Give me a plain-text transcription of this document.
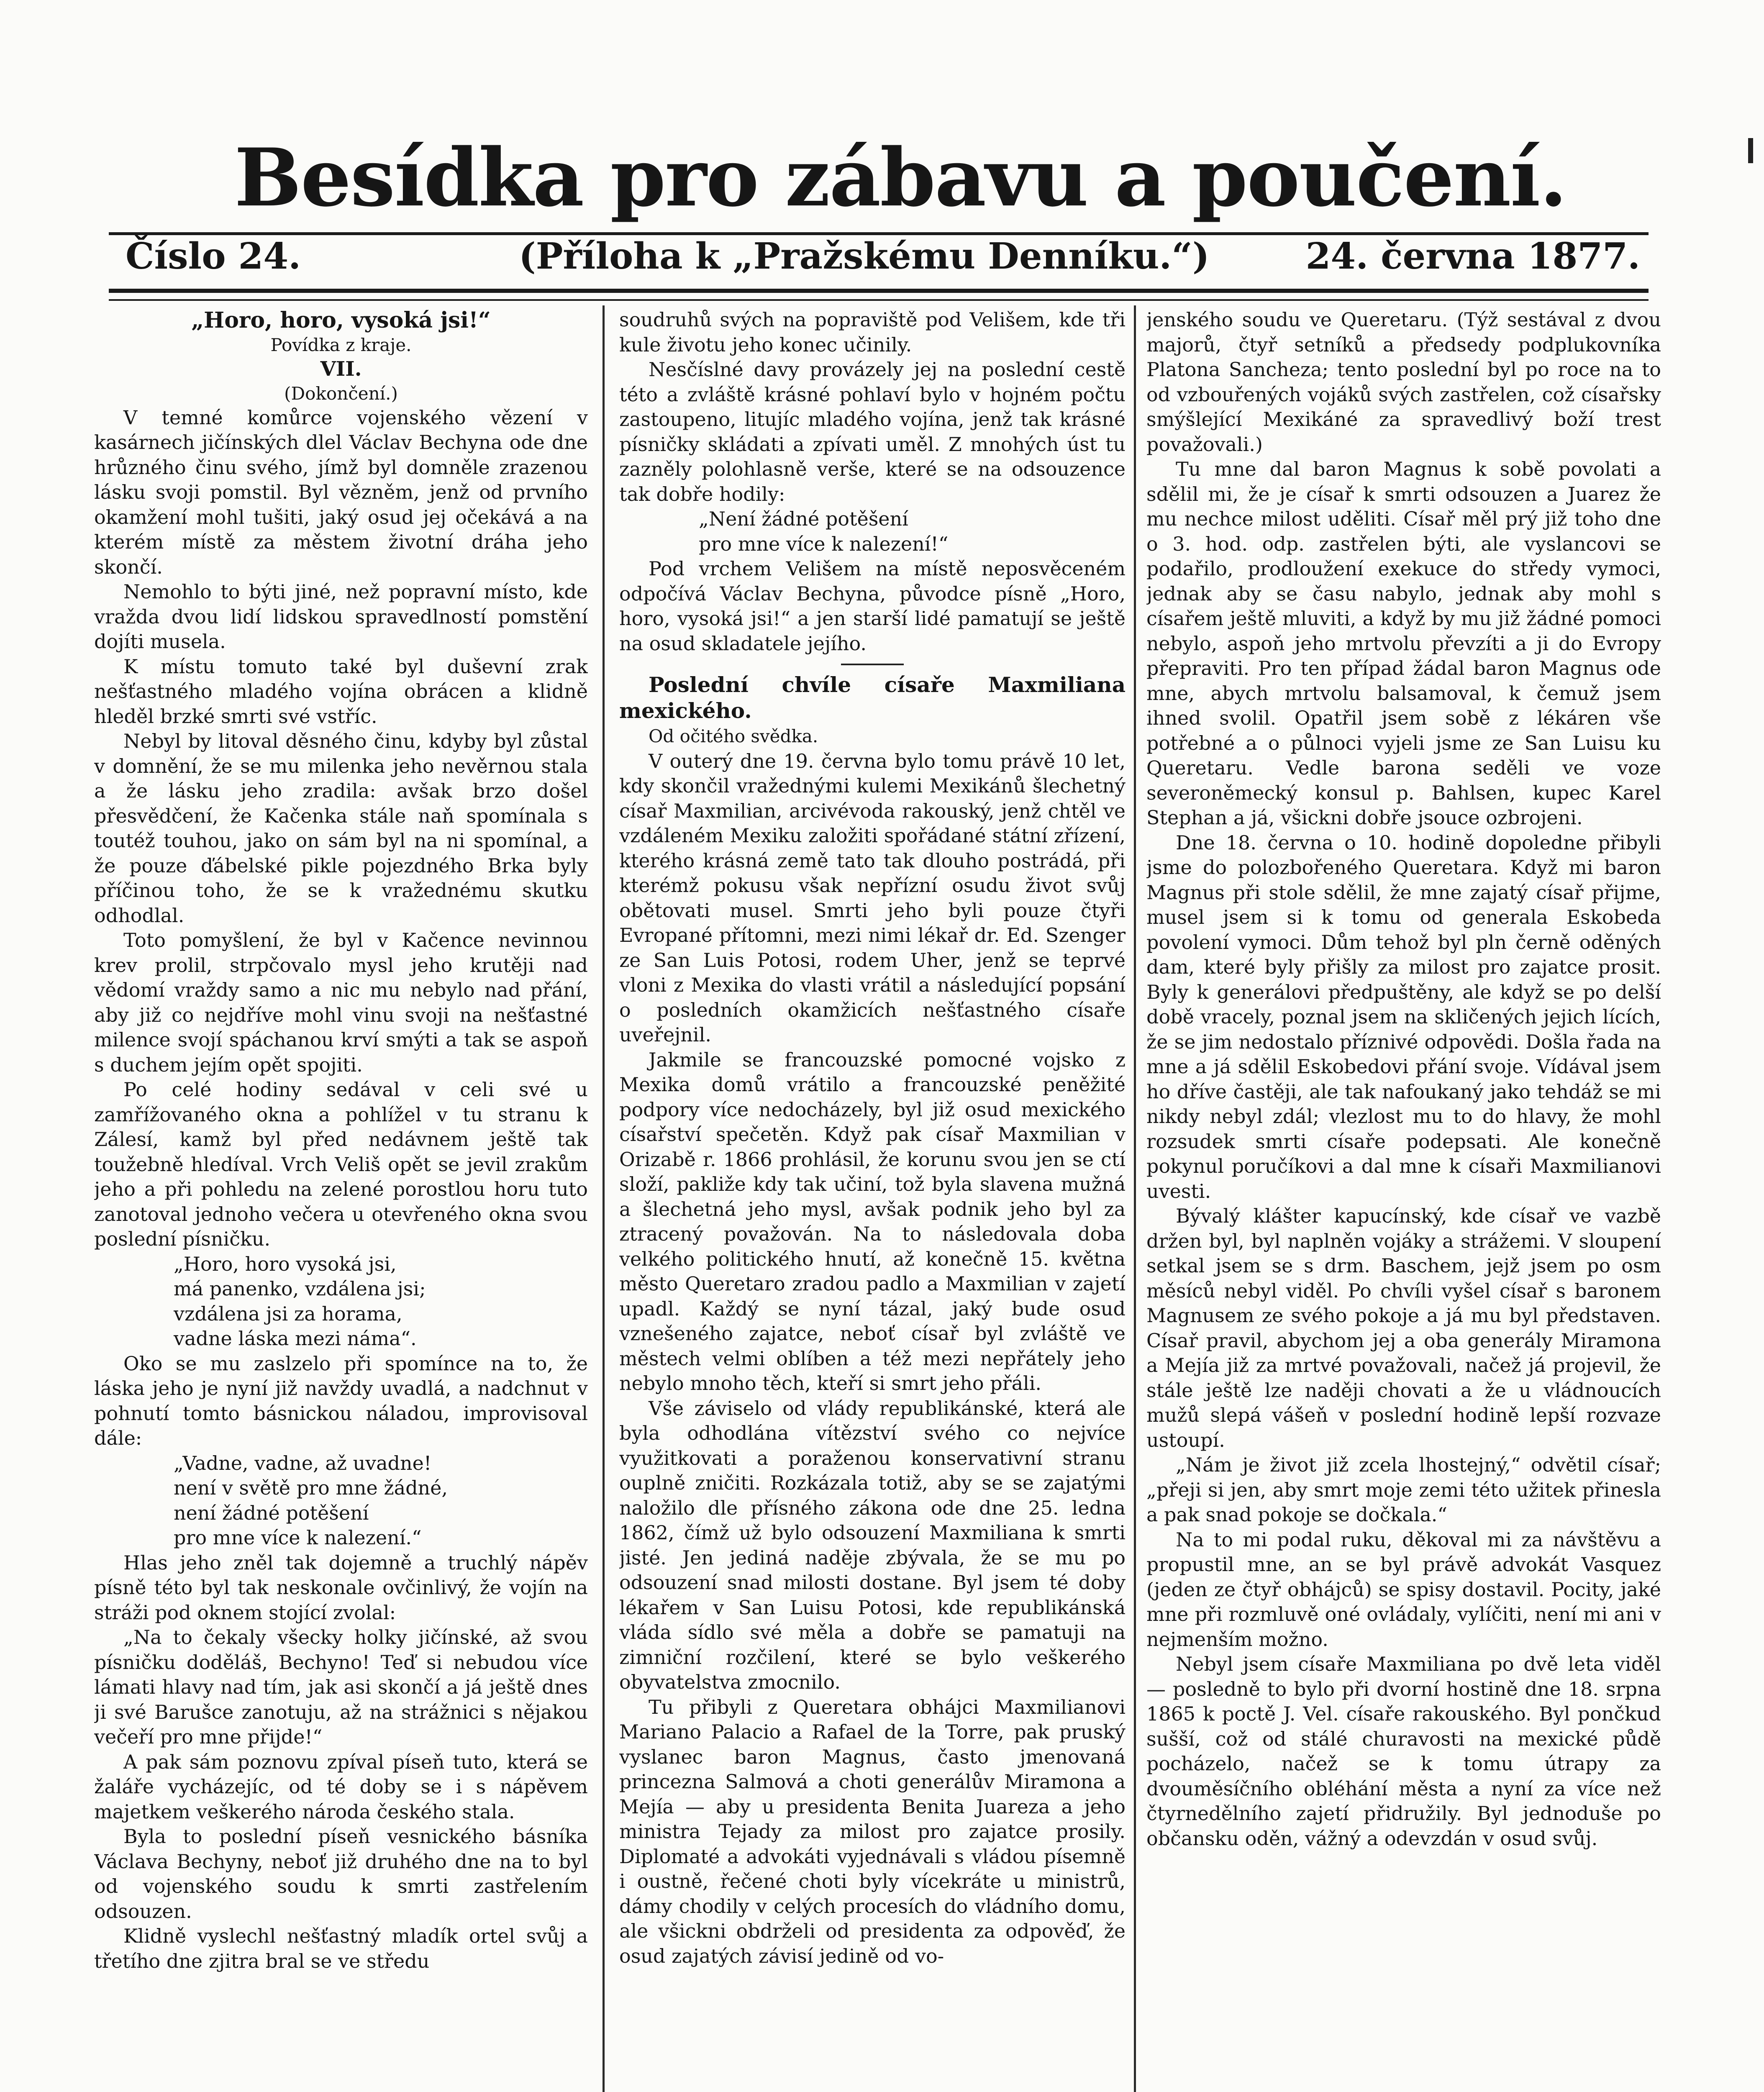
Besídka pro zábavu a poučení.
Číslo 24.	(Příloha k „Pražskému Denníku.“)	24. června 1877.

„Horo, horo, vysoká jsi!“

Povídka z kraje.

VII.

(Dokončení.)

V temné komůrce vojenského vězení v kasárnech jičínských dlel Václav Bechyna ode dne hrůzného činu svého, jímž byl domněle zrazenou lásku svoji pomstil. Byl vězněm, jenž od prvního okamžení mohl tušiti, jaký osud jej očekává a na kterém místě za městem životní dráha jeho skončí.

Nemohlo to býti jiné, než popravní místo, kde vražda dvou lidí lidskou spravedlností pomstění dojíti musela.

K místu tomuto také byl duševní zrak nešťastného mladého vojína obrácen a klidně hleděl brzké smrti své vstříc.

Nebyl by litoval děsného činu, kdyby byl zůstal v domnění, že se mu milenka jeho nevěrnou stala a že lásku jeho zradila: avšak brzo došel přesvědčení, že Kačenka stále naň spomínala s toutéž touhou, jako on sám byl na ni spomínal, a že pouze ďábelské pikle pojezdného Brka byly příčinou toho, že se k vražednému skutku odhodlal.

Toto pomyšlení, že byl v Kačence nevinnou krev prolil, strpčovalo mysl jeho krutěji nad vědomí vraždy samo a nic mu nebylo nad přání, aby již co nejdříve mohl vinu svoji na nešťastné milence svojí spáchanou krví smýti a tak se aspoň s duchem jejím opět spojiti.

Po celé hodiny sedával v celi své u zamřížovaného okna a pohlížel v tu stranu k Zálesí, kamž byl před nedávnem ještě tak toužebně hledíval. Vrch Veliš opět se jevil zrakům jeho a při pohledu na zelené porostlou horu tuto zanotoval jednoho večera u otevřeného okna svou poslední písničku.

„Horo, horo vysoká jsi,
má panenko, vzdálena jsi;
vzdálena jsi za horama,
vadne láska mezi náma“.

Oko se mu zaslzelo při spomínce na to, že láska jeho je nyní již navždy uvadlá, a nadchnut v pohnutí tomto básnickou náladou, improvisoval dále:

„Vadne, vadne, až uvadne!
není v světě pro mne žádné,
není žádné potěšení
pro mne více k nalezení.“

Hlas jeho zněl tak dojemně a truchlý nápěv písně této byl tak neskonale ovčinlivý, že vojín na stráži pod oknem stojící zvolal:

„Na to čekaly všecky holky jičínské, až svou písničku doděláš, Bechyno! Teď si nebudou více lámati hlavy nad tím, jak asi skončí a já ještě dnes ji své Barušce zanotuju, až na strážnici s nějakou večeří pro mne přijde!“

A pak sám poznovu zpíval píseň tuto, která se žaláře vycházejíc, od té doby se i s nápěvem majetkem veškerého národa českého stala.

Byla to poslední píseň vesnického básníka Václava Bechyny, neboť již druhého dne na to byl od vojenského soudu k smrti zastřelením odsouzen.

Klidně vyslechl nešťastný mladík ortel svůj a třetího dne zjitra bral se ve středu

soudruhů svých na popraviště pod Velišem, kde tři kule životu jeho konec učinily.

Nesčíslné davy provázely jej na poslední cestě této a zvláště krásné pohlaví bylo v hojném počtu zastoupeno, litujíc mladého vojína, jenž tak krásné písničky skládati a zpívati uměl. Z mnohých úst tu zazněly polohlasně verše, které se na odsouzence tak dobře hodily:

„Není žádné potěšení
pro mne více k nalezení!“

Pod vrchem Velišem na místě neposvěceném odpočívá Václav Bechyna, původce písně „Horo, horo, vysoká jsi!“ a jen starší lidé pamatují se ještě na osud skladatele jejího.

Poslední chvíle císaře Maxmiliana mexického.

Od očitého svědka.

V outerý dne 19. června bylo tomu právě 10 let, kdy skončil vražednými kulemi Mexikánů šlechetný císař Maxmilian, arcivévoda rakouský, jenž chtěl ve vzdáleném Mexiku založiti spořádané státní zřízení, kterého krásná země tato tak dlouho postrádá, při kterémž pokusu však nepřízní osudu život svůj obětovati musel. Smrti jeho byli pouze čtyři Evropané přítomni, mezi nimi lékař dr. Ed. Szenger ze San Luis Potosi, rodem Uher, jenž se teprvé vloni z Mexika do vlasti vrátil a následující popsání o posledních okamžicích nešťastného císaře uveřejnil.

Jakmile se francouzské pomocné vojsko z Mexika domů vrátilo a francouzské peněžité podpory více nedocházely, byl již osud mexického císařství spečetěn. Když pak císař Maxmilian v Orizabě r. 1866 prohlásil, že korunu svou jen se ctí složí, pakliže kdy tak učiní, tož byla slavena mužná a šlechetná jeho mysl, avšak podnik jeho byl za ztracený považován. Na to následovala doba velkého politického hnutí, až konečně 15. května město Queretaro zradou padlo a Maxmilian v zajetí upadl. Každý se nyní tázal, jaký bude osud vznešeného zajatce, neboť císař byl zvláště ve městech velmi oblíben a též mezi nepřátely jeho nebylo mnoho těch, kteří si smrt jeho přáli.

Vše záviselo od vlády republikánské, která ale byla odhodlána vítězství svého co nejvíce využitkovati a poraženou konservativní stranu ouplně zničiti. Rozkázala totiž, aby se se zajatými naložilo dle přísného zákona ode dne 25. ledna 1862, čímž už bylo odsouzení Maxmiliana k smrti jisté. Jen jediná naděje zbývala, že se mu po odsouzení snad milosti dostane. Byl jsem té doby lékařem v San Luisu Potosi, kde republikánská vláda sídlo své měla a dobře se pamatuji na zimniční rozčilení, které se bylo veškerého obyvatelstva zmocnilo.

Tu přibyli z Queretara obhájci Maxmilianovi Mariano Palacio a Rafael de la Torre, pak pruský vyslanec baron Magnus, často jmenovaná princezna Salmová a choti generálův Miramona a Mejía — aby u presidenta Benita Juareza a jeho ministra Tejady za milost pro zajatce prosily. Diplomaté a advokáti vyjednávali s vládou písemně i oustně, řečené choti byly vícekráte u ministrů, dámy chodily v celých procesích do vládního domu, ale všickni obdrželi od presidenta za odpověď, že osud zajatých závisí jedině od vo-

jenského soudu ve Queretaru. (Týž sestával z dvou majorů, čtyř setníků a předsedy podplukovníka Platona Sancheza; tento poslední byl po roce na to od vzbouřených vojáků svých zastřelen, což císařsky smýšlející Mexikáné za spravedlivý boží trest považovali.)

Tu mne dal baron Magnus k sobě povolati a sdělil mi, že je císař k smrti odsouzen a Juarez že mu nechce milost uděliti. Císař měl prý již toho dne o 3. hod. odp. zastřelen býti, ale vyslancovi se podařilo, prodloužení exekuce do středy vymoci, jednak aby se času nabylo, jednak aby mohl s císařem ještě mluviti, a když by mu již žádné pomoci nebylo, aspoň jeho mrtvolu převzíti a ji do Evropy přepraviti. Pro ten případ žádal baron Magnus ode mne, abych mrtvolu balsamoval, k čemuž jsem ihned svolil. Opatřil jsem sobě z lékáren vše potřebné a o půlnoci vyjeli jsme ze San Luisu ku Queretaru. Vedle barona seděli ve voze severoněmecký konsul p. Bahlsen, kupec Karel Stephan a já, všickni dobře jsouce ozbrojeni.

Dne 18. června o 10. hodině dopoledne přibyli jsme do polozbořeného Queretara. Když mi baron Magnus při stole sdělil, že mne zajatý císař přijme, musel jsem si k tomu od generala Eskobeda povolení vymoci. Dům tehož byl pln černě oděných dam, které byly přišly za milost pro zajatce prosit. Byly k generálovi předpuštěny, ale když se po delší době vracely, poznal jsem na skličených jejich lících, že se jim nedostalo příznivé odpovědi. Došla řada na mne a já sdělil Eskobedovi přání svoje. Vídával jsem ho dříve častěji, ale tak nafoukaný jako tehdáž se mi nikdy nebyl zdál; vlezlost mu to do hlavy, že mohl rozsudek smrti císaře podepsati. Ale konečně pokynul poručíkovi a dal mne k císaři Maxmilianovi uvesti.

Bývalý klášter kapucínský, kde císař ve vazbě držen byl, byl naplněn vojáky a strážemi. V sloupení setkal jsem se s drm. Baschem, jejž jsem po osm měsíců nebyl viděl. Po chvíli vyšel císař s baronem Magnusem ze svého pokoje a já mu byl představen. Císař pravil, abychom jej a oba generály Miramona a Mejía již za mrtvé považovali, načež já projevil, že stále ještě lze naději chovati a že u vládnoucích mužů slepá vášeň v poslední hodině lepší rozvaze ustoupí.

„Nám je život již zcela lhostejný,“ odvětil císař; „přeji si jen, aby smrt moje zemi této užitek přinesla a pak snad pokoje se dočkala.“

Na to mi podal ruku, děkoval mi za návštěvu a propustil mne, an se byl právě advokát Vasquez (jeden ze čtyř obhájců) se spisy dostavil. Pocity, jaké mne při rozmluvě oné ovládaly, vylíčiti, není mi ani v nejmenším možno.

Nebyl jsem císaře Maxmiliana po dvě leta viděl — posledně to bylo při dvorní hostině dne 18. srpna 1865 k poctě J. Vel. císaře rakouského. Byl pončkud sušší, což od stálé churavosti na mexické půdě pocházelo, načež se k tomu útrapy za dvouměsíčního obléhání města a nyní za více než čtyrnedělního zajetí přidružily. Byl jednoduše po občansku oděn, vážný a odevzdán v osud svůj.
